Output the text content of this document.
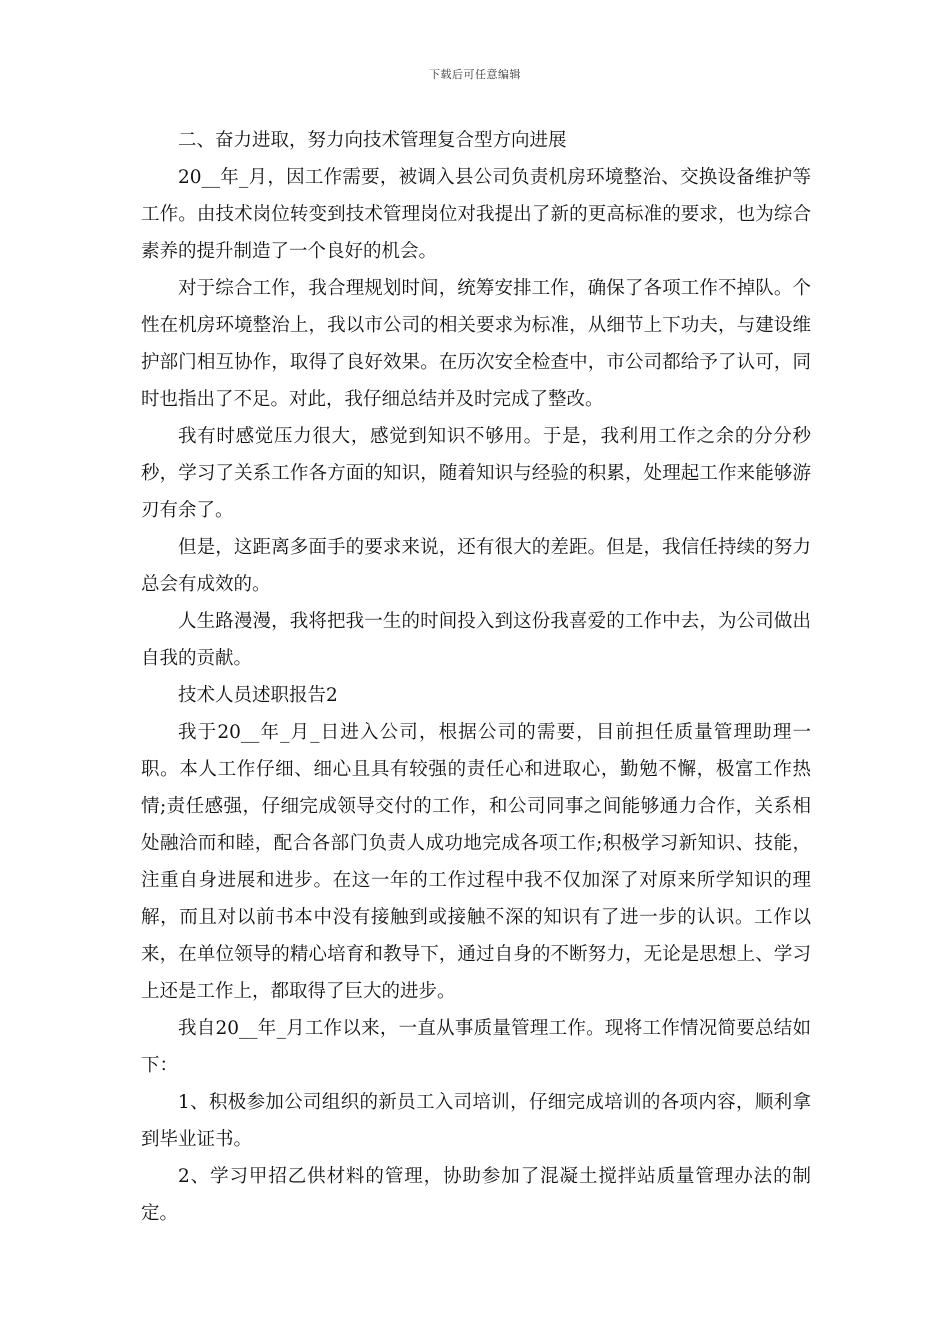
下载后可任意编辑

二、奋力进取，努力向技术管理复合型方向进展

20__年_月，因工作需要，被调入县公司负责机房环境整治、交换设备维护等工作。由技术岗位转变到技术管理岗位对我提出了新的更高标准的要求，也为综合素养的提升制造了一个良好的机会。

对于综合工作，我合理规划时间，统筹安排工作，确保了各项工作不掉队。个性在机房环境整治上，我以市公司的相关要求为标准，从细节上下功夫，与建设维护部门相互协作，取得了良好效果。在历次安全检查中，市公司都给予了认可，同时也指出了不足。对此，我仔细总结并及时完成了整改。

我有时感觉压力很大，感觉到知识不够用。于是，我利用工作之余的分分秒秒，学习了关系工作各方面的知识，随着知识与经验的积累，处理起工作来能够游刃有余了。

但是，这距离多面手的要求来说，还有很大的差距。但是，我信任持续的努力总会有成效的。

人生路漫漫，我将把我一生的时间投入到这份我喜爱的工作中去，为公司做出自我的贡献。

技术人员述职报告2

我于20__年_月_日进入公司，根据公司的需要，目前担任质量管理助理一职。本人工作仔细、细心且具有较强的责任心和进取心，勤勉不懈，极富工作热情;责任感强，仔细完成领导交付的工作，和公司同事之间能够通力合作，关系相处融洽而和睦，配合各部门负责人成功地完成各项工作;积极学习新知识、技能，注重自身进展和进步。在这一年的工作过程中我不仅加深了对原来所学知识的理解，而且对以前书本中没有接触到或接触不深的知识有了进一步的认识。工作以来，在单位领导的精心培育和教导下，通过自身的不断努力，无论是思想上、学习上还是工作上，都取得了巨大的进步。

我自20__年_月工作以来，一直从事质量管理工作。现将工作情况简要总结如下：

1、积极参加公司组织的新员工入司培训，仔细完成培训的各项内容，顺利拿到毕业证书。

2、学习甲招乙供材料的管理，协助参加了混凝土搅拌站质量管理办法的制定。
